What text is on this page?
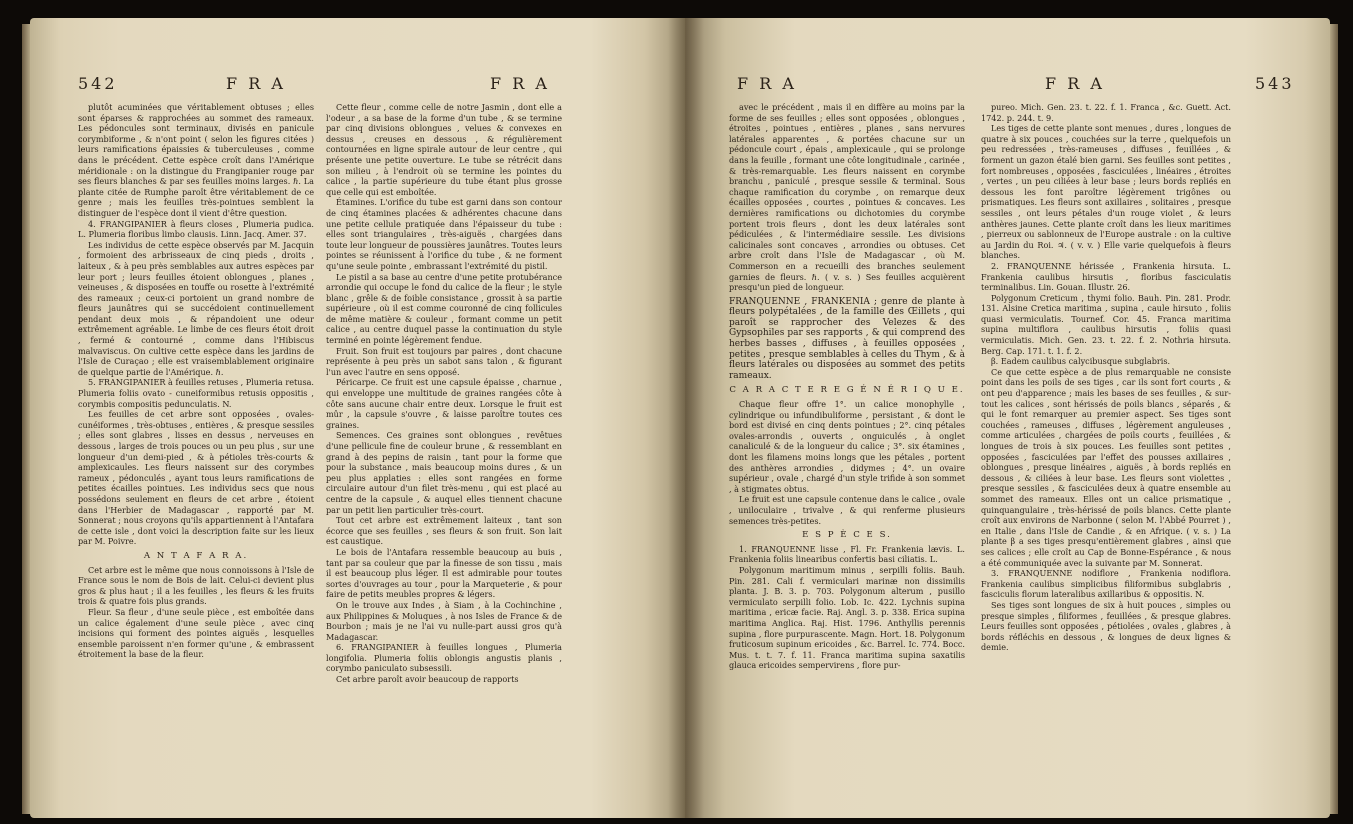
542	F R A	F R A

plutôt acuminées que véritablement obtuses ; elles sont éparses & rapprochées au sommet des rameaux. Les pédoncules sont terminaux, divisés en panicule corymbiforme , & n'ont point ( selon les figures citées ) leurs ramifications épaissies & tuberculeuses , comme dans le précédent. Cette espèce croît dans l'Amérique méridionale : on la distingue du Frangipanier rouge par ses fleurs blanches & par ses feuilles moins larges. ℏ. La plante citée de Rumphe paroît être véritablement de ce genre ; mais les feuilles très-pointues semblent la distinguer de l'espèce dont il vient d'être question.

4. FRANGIPANIER à fleurs closes , Plumeria pudica. L. Plumeria floribus limbo clausis. Linn. Jacq. Amer. 37.

Les individus de cette espèce observés par M. Jacquin , formoient des arbrisseaux de cinq pieds , droits , laiteux , & à peu près semblables aux autres espèces par leur port ; leurs feuilles étoient oblongues , planes , veineuses , & disposées en touffe ou rosette à l'extrémité des rameaux ; ceux-ci portoient un grand nombre de fleurs jaunâtres qui se succédoient continuellement pendant deux mois , & répandoient une odeur extrêmement agréable. Le limbe de ces fleurs étoit droit , fermé & contourné , comme dans l'Hibiscus malvaviscus. On cultive cette espèce dans les jardins de l'Isle de Curaçao ; elle est vraisemblablement originaire de quelque partie de l'Amérique. ℏ.

5. FRANGIPANIER à feuilles retuses , Plumeria retusa. Plumeria foliis ovato - cuneiformibus retusis oppositis , corymbis compositis pedunculatis. N.

Les feuilles de cet arbre sont opposées , ovales-cunéiformes , très-obtuses , entières , & presque sessiles ; elles sont glabres , lisses en dessus , nerveuses en dessous , larges de trois pouces ou un peu plus , sur une longueur d'un demi-pied , & à pétioles très-courts & amplexicaules. Les fleurs naissent sur des corymbes rameux , pédonculés , ayant tous leurs ramifications de petites écailles pointues. Les individus secs que nous possédons seulement en fleurs de cet arbre , étoient dans l'Herbier de Madagascar , rapporté par M. Sonnerat ; nous croyons qu'ils appartiennent à l'Antafara de cette isle , dont voici la description faite sur les lieux par M. Poivre.

A N T A F A R A.

Cet arbre est le même que nous connoissons à l'Isle de France sous le nom de Bois de lait. Celui-ci devient plus gros & plus haut ; il a les feuilles , les fleurs & les fruits trois & quatre fois plus grands.

Fleur. Sa fleur , d'une seule pièce , est emboîtée dans un calice également d'une seule pièce , avec cinq incisions qui forment des pointes aiguës , lesquelles ensemble paroissent n'en former qu'une , & embrassent étroitement la base de la fleur.

Cette fleur , comme celle de notre Jasmin , dont elle a l'odeur , a sa base de la forme d'un tube , & se termine par cinq divisions oblongues , velues & convexes en dessus , creuses en dessous , & régulièrement contournées en ligne spirale autour de leur centre , qui présente une petite ouverture. Le tube se rétrécit dans son milieu , à l'endroit où se termine les pointes du calice , la partie supérieure du tube étant plus grosse que celle qui est emboîtée.

Étamines. L'orifice du tube est garni dans son contour de cinq étamines placées & adhérentes chacune dans une petite cellule pratiquée dans l'épaisseur du tube : elles sont triangulaires , très-aiguës , chargées dans toute leur longueur de poussières jaunâtres. Toutes leurs pointes se réunissent à l'orifice du tube , & ne forment qu'une seule pointe , embrassant l'extrémité du pistil.

Le pistil a sa base au centre d'une petite protubérance arrondie qui occupe le fond du calice de la fleur ; le style blanc , grêle & de foible consistance , grossit à sa partie supérieure , où il est comme couronné de cinq follicules de même matière & couleur , formant comme un petit calice , au centre duquel passe la continuation du style terminé en pointe légèrement fendue.

Fruit. Son fruit est toujours par paires , dont chacune représente à peu près un sabot sans talon , & figurant l'un avec l'autre en sens opposé.

Péricarpe. Ce fruit est une capsule épaisse , charnue , qui enveloppe une multitude de graines rangées côte à côte sans aucune chair entre deux. Lorsque le fruit est mûr , la capsule s'ouvre , & laisse paroître toutes ces graines.

Semences. Ces graines sont oblongues , revêtues d'une pellicule fine de couleur brune , & ressemblant en grand à des pepins de raisin , tant pour la forme que pour la substance , mais beaucoup moins dures , & un peu plus applaties : elles sont rangées en forme circulaire autour d'un filet très-menu , qui est placé au centre de la capsule , & auquel elles tiennent chacune par un petit lien particulier très-court.

Tout cet arbre est extrêmement laiteux , tant son écorce que ses feuilles , ses fleurs & son fruit. Son lait est caustique.

Le bois de l'Antafara ressemble beaucoup au buis , tant par sa couleur que par la finesse de son tissu , mais il est beaucoup plus léger. Il est admirable pour toutes sortes d'ouvrages au tour , pour la Marqueterie , & pour faire de petits meubles propres & légers.

On le trouve aux Indes , à Siam , à la Cochinchine , aux Philippines & Moluques , à nos Isles de France & de Bourbon ; mais je ne l'ai vu nulle-part aussi gros qu'à Madagascar.

6. FRANGIPANIER à feuilles longues , Plumeria longifolia. Plumeria foliis oblongis angustis planis , corymbo paniculato subsessili.

Cet arbre paroît avoir beaucoup de rapports

F R A	F R A	543

avec le précédent , mais il en diffère au moins par la forme de ses feuilles ; elles sont opposées , oblongues , étroites , pointues , entières , planes , sans nervures latérales apparentes , & portées chacune sur un pédoncule court , épais , amplexicaule , qui se prolonge dans la feuille , formant une côte longitudinale , carinée , & très-remarquable. Les fleurs naissent en corymbe branchu , paniculé , presque sessile & terminal. Sous chaque ramification du corymbe , on remarque deux écailles opposées , courtes , pointues & concaves. Les dernières ramifications ou dichotomies du corymbe portent trois fleurs , dont les deux latérales sont pédiculées , & l'intermédiaire sessile. Les divisions calicinales sont concaves , arrondies ou obtuses. Cet arbre croît dans l'Isle de Madagascar , où M. Commerson en a recueilli des branches seulement garnies de fleurs. ℏ. ( v. s. ) Ses feuilles acquièrent presqu'un pied de longueur.

FRANQUENNE , FRANKENIA ; genre de plante à fleurs polypétalées , de la famille des Œillets , qui paroît se rapprocher des Velezes & des Gypsophiles par ses rapports , & qui comprend des herbes basses , diffuses , à feuilles opposées , petites , presque semblables à celles du Thym , & à fleurs latérales ou disposées au sommet des petits rameaux.

C A R A C T E R E G É N É R I Q U E.

Chaque fleur offre 1°. un calice monophylle , cylindrique ou infundibuliforme , persistant , & dont le bord est divisé en cinq dents pointues ; 2°. cinq pétales ovales-arrondis , ouverts , onguiculés , à onglet canaliculé & de la longueur du calice ; 3°. six étamines , dont les filamens moins longs que les pétales , portent des anthères arrondies , didymes ; 4°. un ovaire supérieur , ovale , chargé d'un style trifide à son sommet , à stigmates obtus.

Le fruit est une capsule contenue dans le calice , ovale , uniloculaire , trivalve , & qui renferme plusieurs semences très-petites.

E S P È C E S.

1. FRANQUENNE lisse , Fl. Fr. Frankenia lævis. L. Frankenia foliis linearibus confertis basi ciliatis. L.

Polygonum maritimum minus , serpilli foliis. Bauh. Pin. 281. Cali f. vermiculari marinæ non dissimilis planta. J. B. 3. p. 703. Polygonum alterum , pusillo vermiculato serpilli folio. Lob. Ic. 422. Lychnis supina maritima , ericæ facie. Raj. Angl. 3. p. 338. Erica supina maritima Anglica. Raj. Hist. 1796. Anthyllis perennis supina , flore purpurascente. Magn. Hort. 18. Polygonum fruticosum supinum ericoides , &c. Barrel. Ic. 774. Bocc. Mus. t. t. 7. f. 11. Franca maritima supina saxatilis glauca ericoides sempervirens , flore pur-

pureo. Mich. Gen. 23. t. 22. f. 1. Franca , &c. Guett. Act. 1742. p. 244. t. 9.

Les tiges de cette plante sont menues , dures , longues de quatre à six pouces , couchées sur la terre , quelquefois un peu redressées , très-rameuses , diffuses , feuillées , & forment un gazon étalé bien garni. Ses feuilles sont petites , fort nombreuses , opposées , fasciculées , linéaires , étroites , vertes , un peu ciliées à leur base ; leurs bords repliés en dessous les font paroître légèrement trigônes ou prismatiques. Les fleurs sont axillaires , solitaires , presque sessiles , ont leurs pétales d'un rouge violet , & leurs anthères jaunes. Cette plante croît dans les lieux maritimes , pierreux ou sablonneux de l'Europe australe : on la cultive au Jardin du Roi. ♃. ( v. v. ) Elle varie quelquefois à fleurs blanches.

2. FRANQUENNE hérissée , Frankenia hirsuta. L. Frankenia caulibus hirsutis , floribus fasciculatis terminalibus. Lin. Gouan. Illustr. 26.

Polygonum Creticum , thymi folio. Bauh. Pin. 281. Prodr. 131. Alsine Cretica maritima , supina , caule hirsuto , foliis quasi vermiculatis. Tournef. Cor. 45. Franca maritima supina multiflora , caulibus hirsutis , foliis quasi vermiculatis. Mich. Gen. 23. t. 22. f. 2. Nothria hirsuta. Berg. Cap. 171. t. 1. f. 2.

β. Eadem caulibus calycibusque subglabris.

Ce que cette espèce a de plus remarquable ne consiste point dans les poils de ses tiges , car ils sont fort courts , & ont peu d'apparence ; mais les bases de ses feuilles , & sur-tout les calices , sont hérissés de poils blancs , séparés , & qui le font remarquer au premier aspect. Ses tiges sont couchées , rameuses , diffuses , légèrement anguleuses , comme articulées , chargées de poils courts , feuillées , & longues de trois à six pouces. Les feuilles sont petites , opposées , fasciculées par l'effet des pousses axillaires , oblongues , presque linéaires , aiguës , à bords repliés en dessous , & ciliées à leur base. Les fleurs sont violettes , presque sessiles , & fasciculées deux à quatre ensemble au sommet des rameaux. Elles ont un calice prismatique , quinquangulaire , très-hérissé de poils blancs. Cette plante croît aux environs de Narbonne ( selon M. l'Abbé Pourret ) , en Italie , dans l'Isle de Candie , & en Afrique. ( v. s. ) La plante β a ses tiges presqu'entièrement glabres , ainsi que ses calices ; elle croît au Cap de Bonne-Espérance , & nous a été communiquée avec la suivante par M. Sonnerat.

3. FRANQUENNE nodiflore , Frankenia nodiflora. Frankenia caulibus simplicibus filiformibus subglabris , fasciculis florum lateralibus axillaribus & oppositis. N.

Ses tiges sont longues de six à huit pouces , simples ou presque simples , filiformes , feuillées , & presque glabres. Leurs feuilles sont opposées , pétiolées , ovales , glabres , à bords réfléchis en dessous , & longues de deux lignes & demie.
